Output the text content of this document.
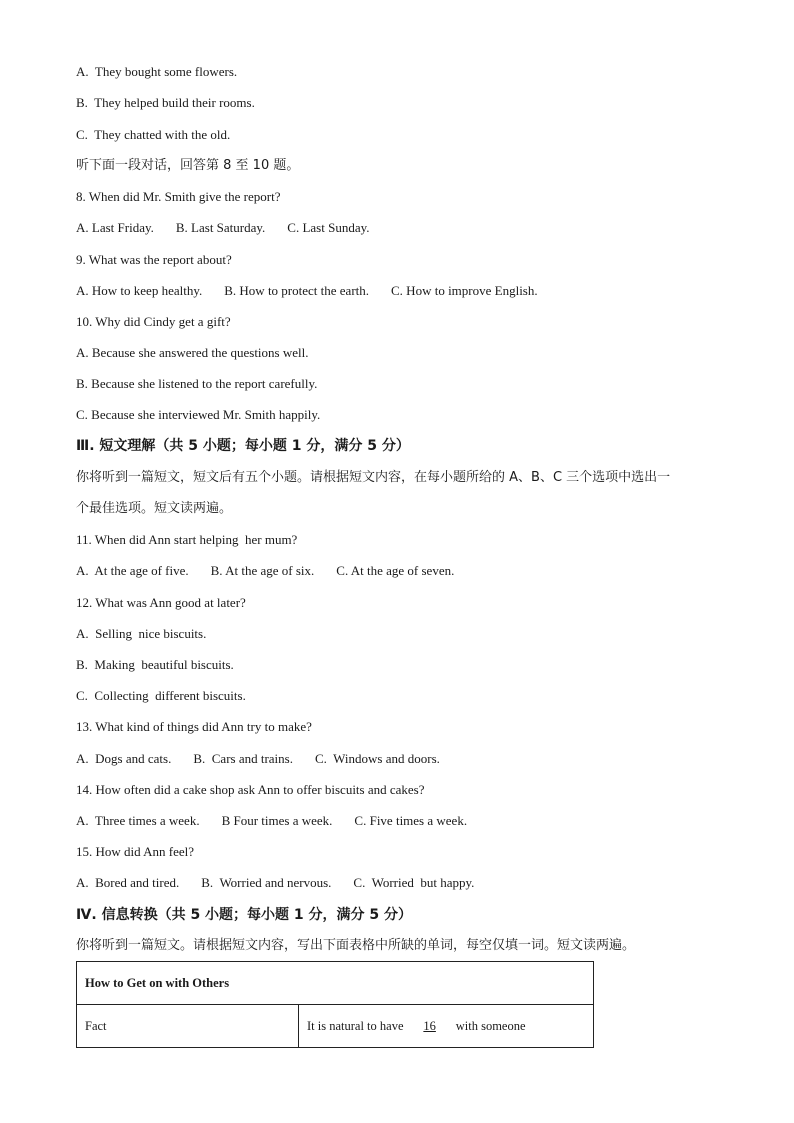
A.  They bought some flowers.
B.  They helped build their rooms.
C.  They chatted with the old.
听下面一段对话，回答第 8 至 10 题。
8. When did Mr. Smith give the report?
A. Last Friday. B. Last Saturday. C. Last Sunday.
9. What was the report about?
A. How to keep healthy. B. How to protect the earth. C. How to improve English.
10. Why did Cindy get a gift?
A. Because she answered the questions well.
B. Because she listened to the report carefully.
C. Because she interviewed Mr. Smith happily.
Ⅲ. 短文理解（共 5 小题；每小题 1 分，满分 5 分）
你将听到一篇短文，短文后有五个小题。请根据短文内容，在每小题所给的 A、B、C 三个选项中选出一
个最佳选项。短文读两遍。
11. When did Ann start helping  her mum?
A.  At the age of five. B. At the age of six. C. At the age of seven.
12. What was Ann good at later?
A.  Selling  nice biscuits.
B.  Making  beautiful biscuits.
C.  Collecting  different biscuits.
13. What kind of things did Ann try to make?
A.  Dogs and cats. B.  Cars and trains. C.  Windows and doors.
14. How often did a cake shop ask Ann to offer biscuits and cakes?
A.  Three times a week. B Four times a week. C. Five times a week.
15. How did Ann feel?
A.  Bored and tired. B.  Worried and nervous. C.  Worried  but happy.
Ⅳ. 信息转换（共 5 小题；每小题 1 分，满分 5 分）
你将听到一篇短文。请根据短文内容，写出下面表格中所缺的单词，每空仅填一词。短文读两遍。
How to Get on with Others
Fact	It is natural to have 16 with someone
